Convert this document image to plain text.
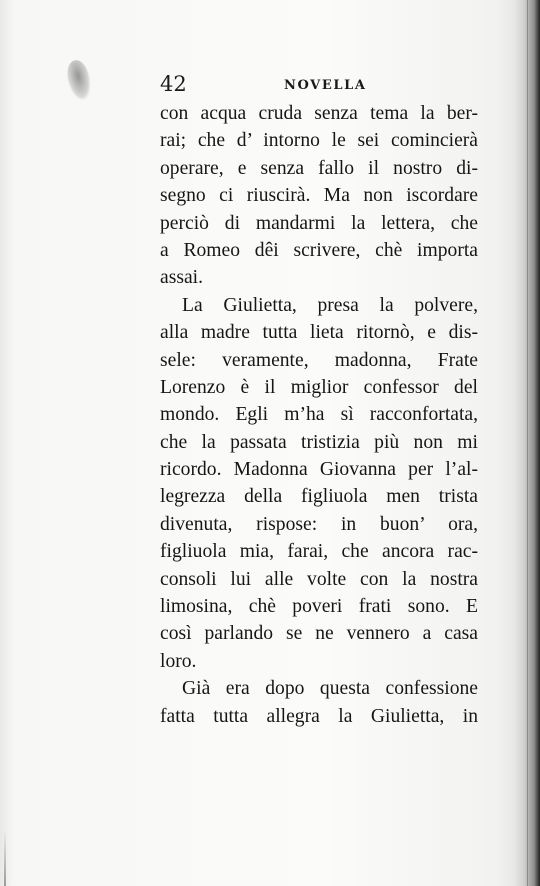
42	NOVELLA
con acqua cruda senza tema la ber-
rai; che d’ intorno le sei comincierà
operare, e senza fallo il nostro di-
segno ci riuscirà. Ma non iscordare
perciò di mandarmi la lettera, che
a Romeo dêi scrivere, chè importa
assai.
La Giulietta, presa la polvere,
alla madre tutta lieta ritornò, e dis-
sele: veramente, madonna, Frate
Lorenzo è il miglior confessor del
mondo. Egli m’ha sì racconfortata,
che la passata tristizia più non mi
ricordo. Madonna Giovanna per l’al-
legrezza della figliuola men trista
divenuta, rispose: in buon’ ora,
figliuola mia, farai, che ancora rac-
consoli lui alle volte con la nostra
limosina, chè poveri frati sono. E
così parlando se ne vennero a casa
loro.
Già era dopo questa confessione
fatta tutta allegra la Giulietta, in
